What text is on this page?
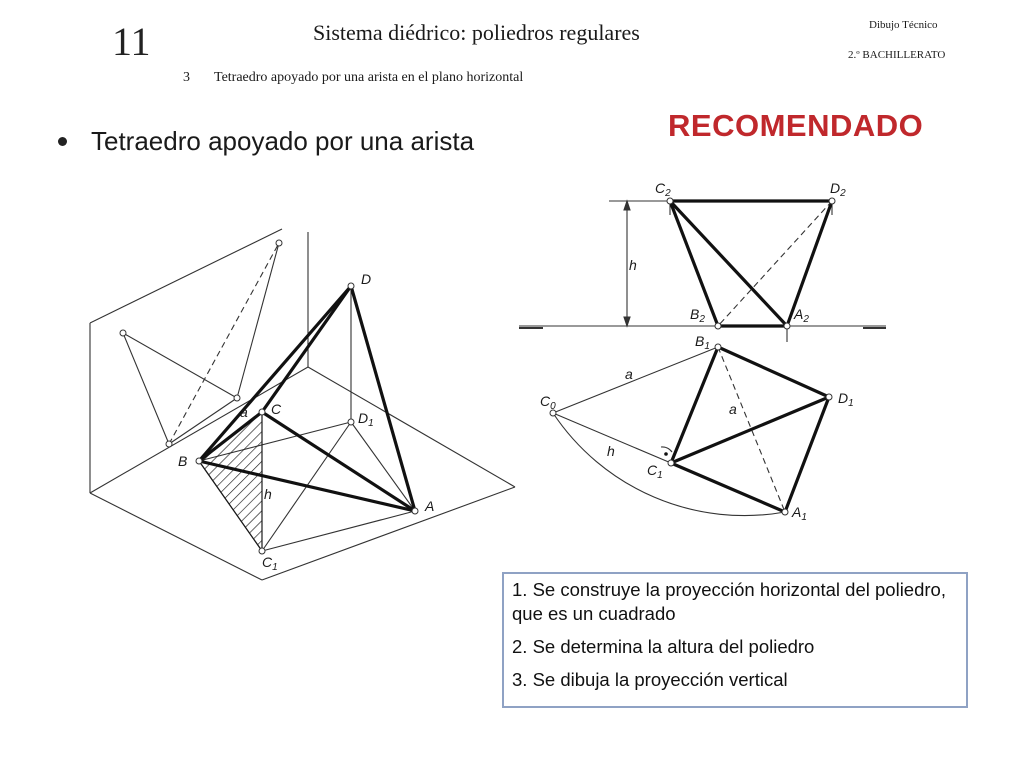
11	Sistema diédrico: poliedros regulares
3 Tetraedro apoyado por una arista en el plano horizontal
Dibujo Técnico
2.º BACHILLERATO
RECOMENDADO
Tetraedro apoyado por una arista
D
C
a	$D_1$
B
h
A
$C_1$
$C_2$	$D_2$
h
$B_2$	$A_2$
$B_1$
a
$C_0$	a
$D_1$
h
$C_1$
$A_1$

1. Se construye la proyección horizontal del poliedro, que es un cuadrado

2. Se determina la altura del poliedro

3. Se dibuja la proyección vertical
